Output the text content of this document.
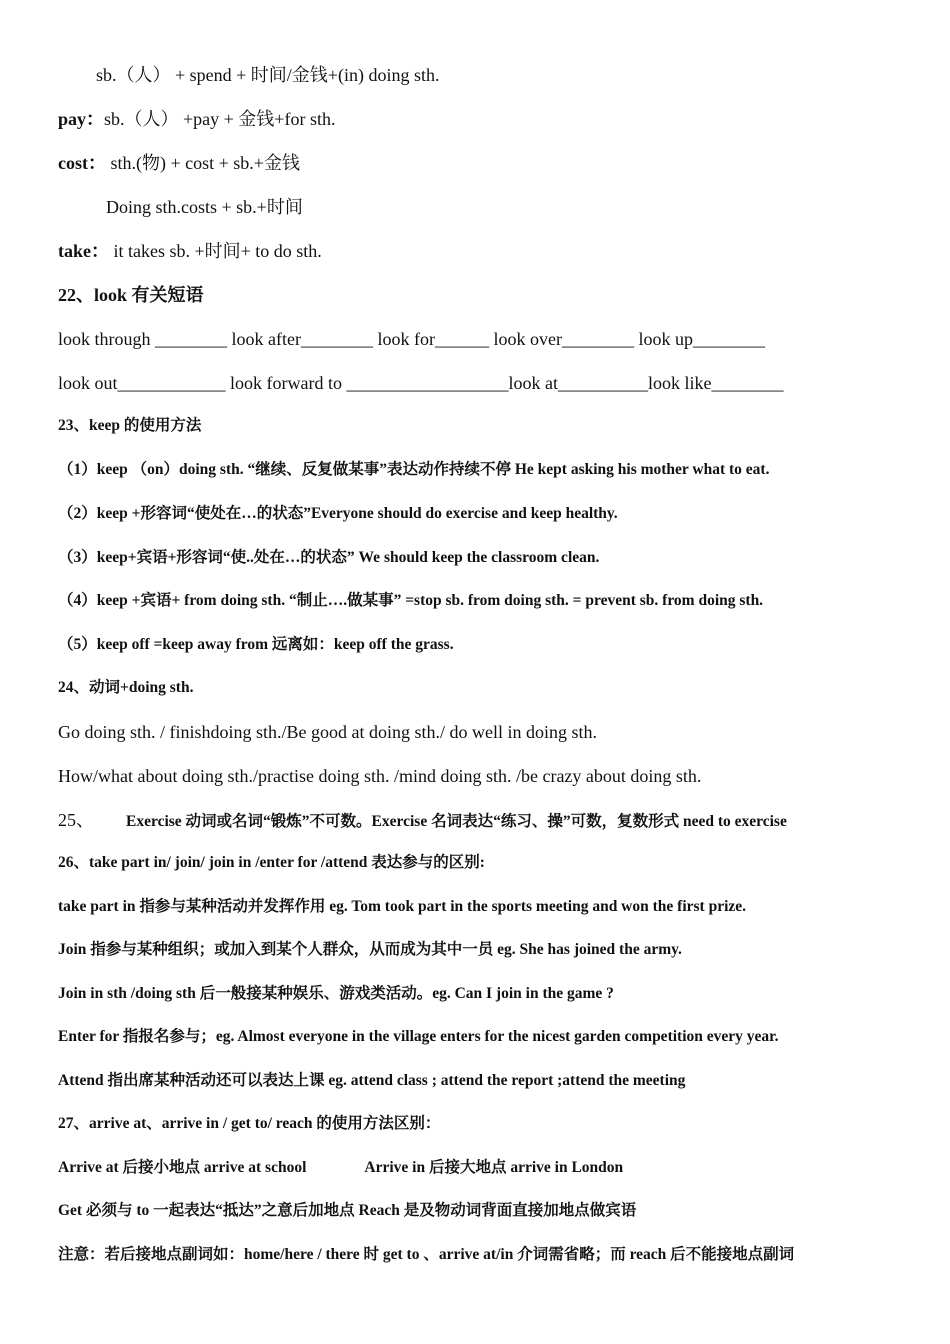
sb.（人） + spend + 时间/金钱+(in) doing sth.
pay：sb.（人） +pay + 金钱+for sth.
cost： sth.(物) + cost + sb.+金钱
Doing sth.costs + sb.+时间
take： it takes sb. +时间+ to do sth.
22、look 有关短语
look through ________ look after________ look for______ look over________ look up________
look out____________ look forward to __________________look at__________look like________
23、keep 的使用方法
（1）keep （on）doing sth. “继续、反复做某事”表达动作持续不停 He kept asking his mother what to eat.
（2）keep +形容词“使处在…的状态”Everyone should do exercise and keep healthy.
（3）keep+宾语+形容词“使..处在…的状态” We should keep the classroom clean.
（4）keep +宾语+ from doing sth. “制止….做某事” =stop sb. from doing sth. = prevent sb. from doing sth.
（5）keep off =keep away from 远离如：keep off the grass.
24、动词+doing sth.
Go doing sth. / finishdoing sth./Be good at doing sth./ do well in doing sth.
How/what about doing sth./practise doing sth. /mind doing sth. /be crazy about doing sth.
25、 Exercise 动词或名词“锻炼”不可数。Exercise 名词表达“练习、操”可数，复数形式 need to exercise
26、take part in/ join/ join in /enter for /attend 表达参与的区别:
take part in 指参与某种活动并发挥作用 eg. Tom took part in the sports meeting and won the first prize.
Join 指参与某种组织；或加入到某个人群众，从而成为其中一员 eg. She has joined the army.
Join in sth /doing sth 后一般接某种娱乐、游戏类活动。eg. Can I join in the game ?
Enter for 指报名参与；eg. Almost everyone in the village enters for the nicest garden competition every year.
Attend 指出席某种活动还可以表达上课 eg. attend class ; attend the report ;attend the meeting
27、arrive at、arrive in / get to/ reach 的使用方法区别：
Arrive at 后接小地点 arrive at school	Arrive in 后接大地点 arrive in London
Get 必须与 to 一起表达“抵达”之意后加地点 Reach 是及物动词背面直接加地点做宾语
注意：若后接地点副词如：home/here / there 时 get to 、arrive at/in 介词需省略；而 reach 后不能接地点副词
